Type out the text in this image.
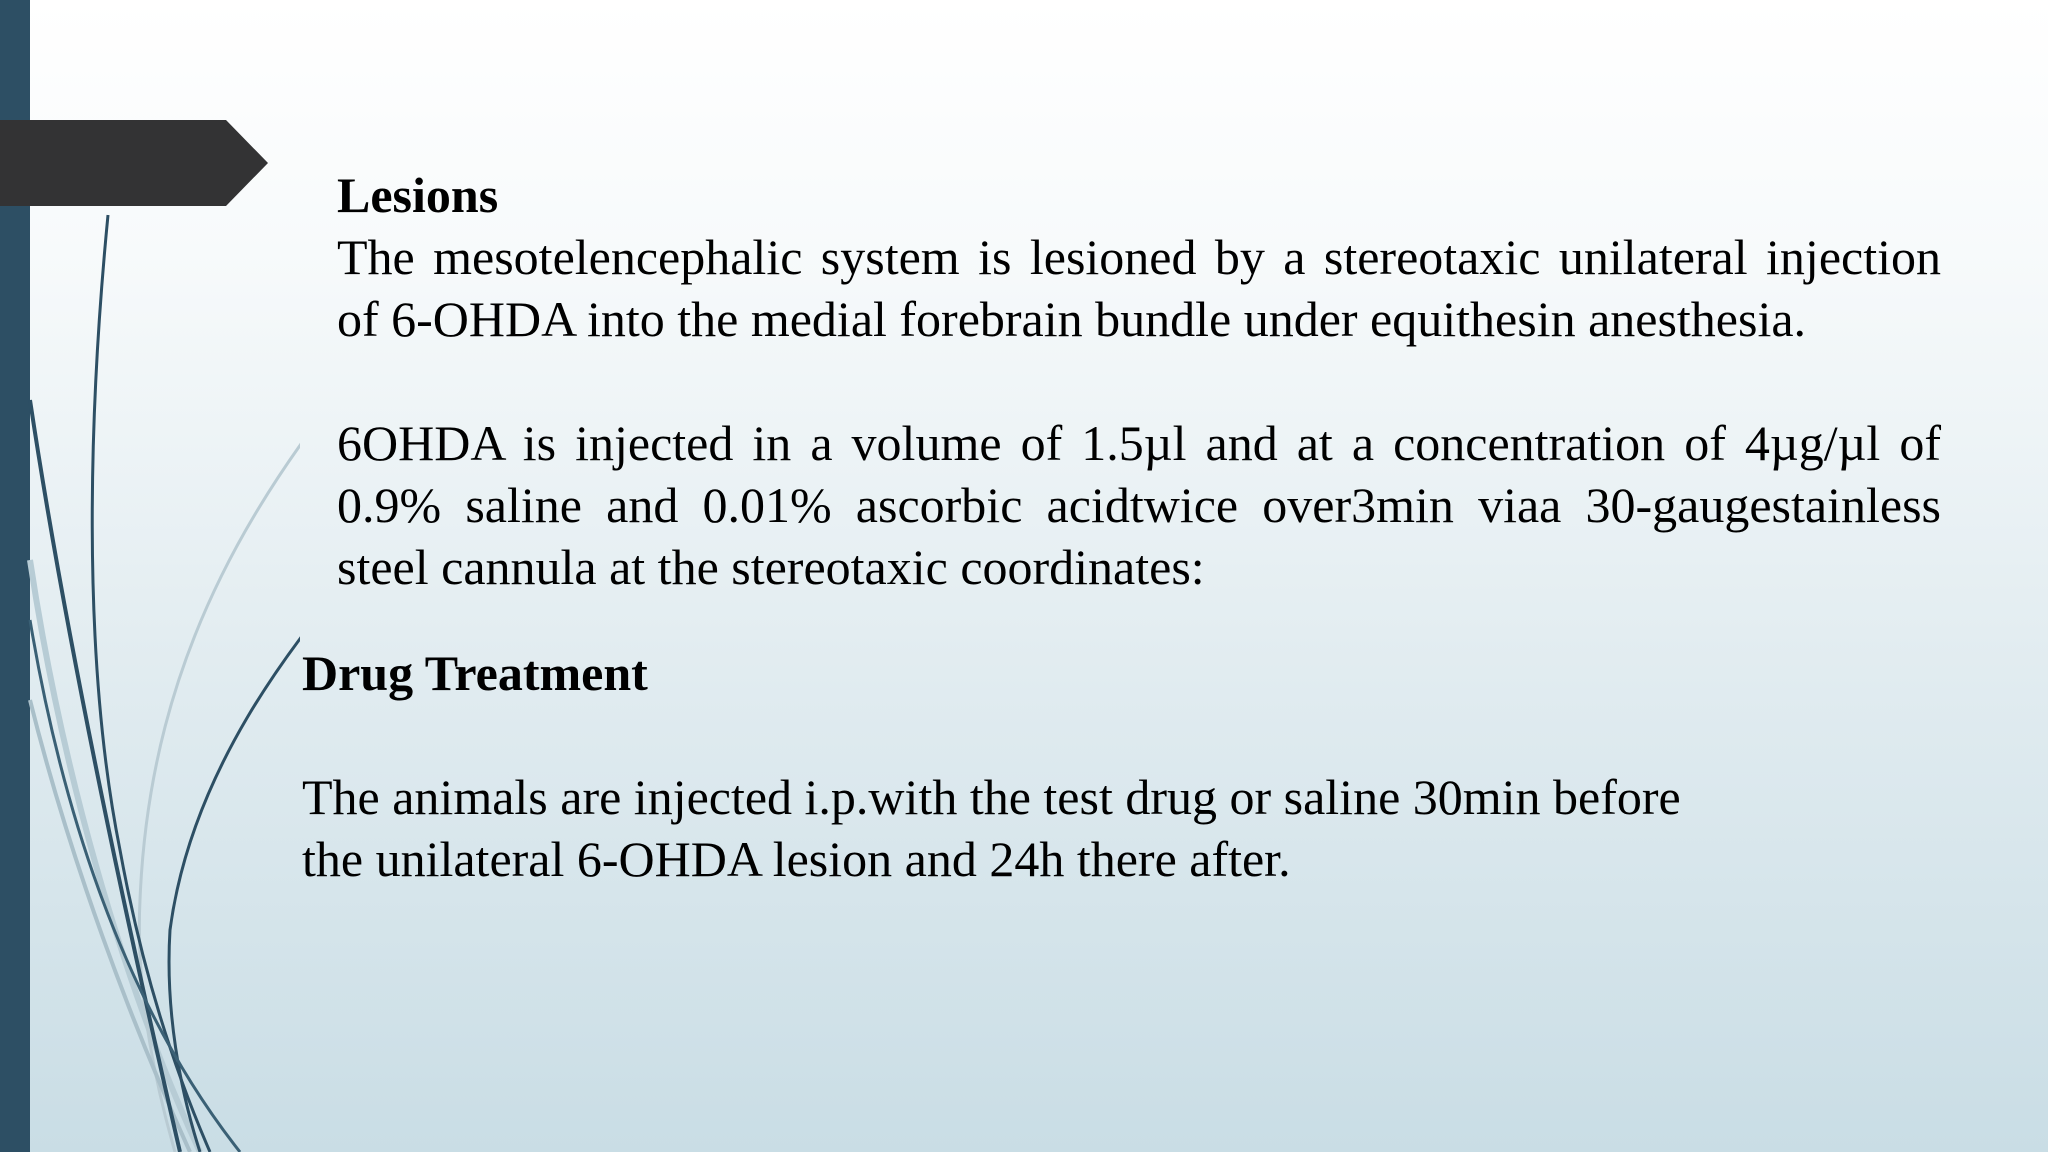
Lesions
The mesotelencephalic system is lesioned by a stereotaxic unilateral injection of 6-OHDA into the medial forebrain bundle under equithesin anesthesia.
6OHDA is injected in a volume of 1.5µl and at a concentration of 4µg/µl of 0.9% saline and 0.01% ascorbic acidtwice over3min viaa 30-gaugestainless steel cannula at the stereotaxic coordinates:
Drug Treatment
The animals are injected i.p.with the test drug or saline 30min before
the unilateral 6-OHDA lesion and 24h there after.
